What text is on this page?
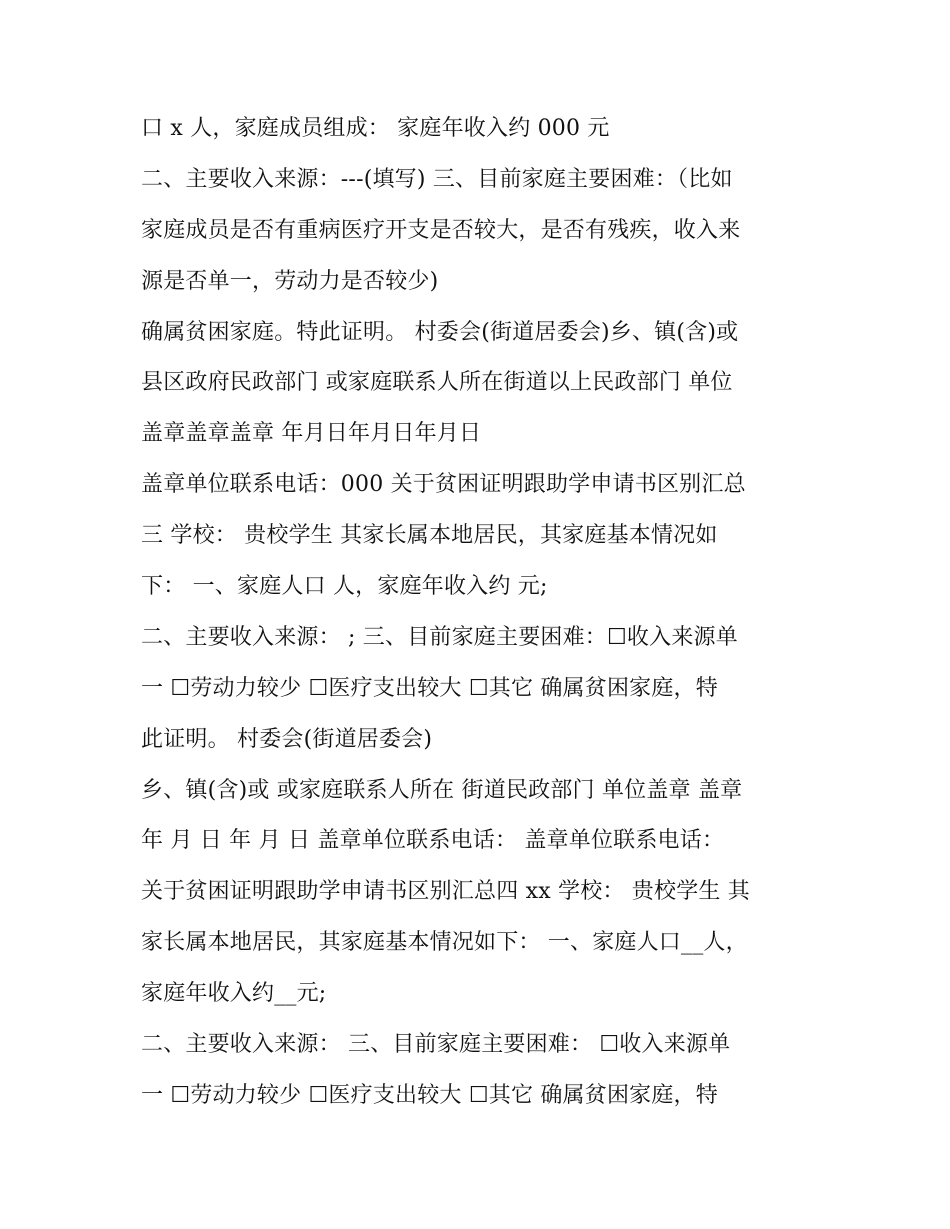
口 x 人，家庭成员组成： 家庭年收入约 000 元
二、主要收入来源：---(填写) 三、目前家庭主要困难：（比如
家庭成员是否有重病医疗开支是否较大，是否有残疾，收入来
源是否单一，劳动力是否较少)
确属贫困家庭。特此证明。 村委会(街道居委会)乡、镇(含)或
县区政府民政部门 或家庭联系人所在街道以上民政部门 单位
盖章盖章盖章 年月日年月日年月日
盖章单位联系电话：000 关于贫困证明跟助学申请书区别汇总
三 学校： 贵校学生 其家长属本地居民，其家庭基本情况如
下： 一、家庭人口 人，家庭年收入约 元;
二、主要收入来源： ; 三、目前家庭主要困难：☐收入来源单
一 ☐劳动力较少 ☐医疗支出较大 ☐其它 确属贫困家庭，特
此证明。 村委会(街道居委会)
乡、镇(含)或 或家庭联系人所在 街道民政部门 单位盖章 盖章
年 月 日 年 月 日 盖章单位联系电话： 盖章单位联系电话：
关于贫困证明跟助学申请书区别汇总四 xx 学校： 贵校学生 其
家长属本地居民，其家庭基本情况如下： 一、家庭人口__人，
家庭年收入约__元;
二、主要收入来源： 三、目前家庭主要困难： ☐收入来源单
一 ☐劳动力较少 ☐医疗支出较大 ☐其它 确属贫困家庭，特
